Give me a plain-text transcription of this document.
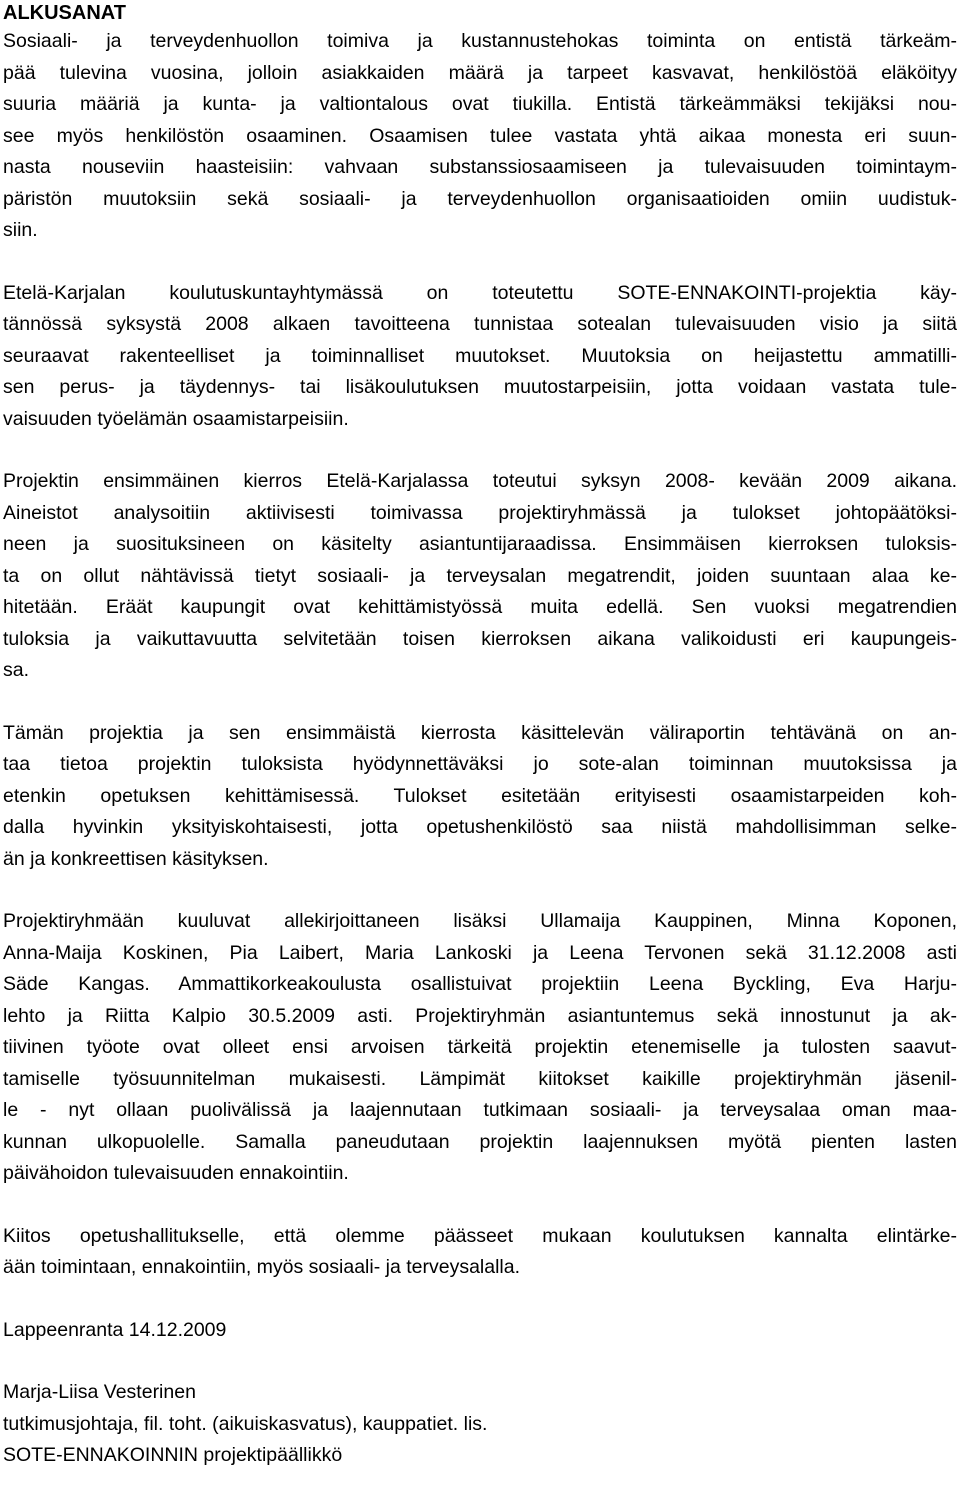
ALKUSANAT

Sosiaali- ja terveydenhuollon toimiva ja kustannustehokas toiminta on entistä tärkeäm-
pää tulevina vuosina, jolloin asiakkaiden määrä ja tarpeet kasvavat, henkilöstöä eläköityy
suuria määriä ja kunta- ja valtiontalous ovat tiukilla. Entistä tärkeämmäksi tekijäksi nou-
see myös henkilöstön osaaminen. Osaamisen tulee vastata yhtä aikaa monesta eri suun-
nasta nouseviin haasteisiin: vahvaan substanssiosaamiseen ja tulevaisuuden toimintaym-
päristön muutoksiin sekä sosiaali- ja terveydenhuollon organisaatioiden omiin uudistuk-
siin.

Etelä-Karjalan koulutuskuntayhtymässä on toteutettu SOTE-ENNAKOINTI-projektia käy-
tännössä syksystä 2008 alkaen tavoitteena tunnistaa sotealan tulevaisuuden visio ja siitä
seuraavat rakenteelliset ja toiminnalliset muutokset. Muutoksia on heijastettu ammatilli-
sen perus- ja täydennys- tai lisäkoulutuksen muutostarpeisiin, jotta voidaan vastata tule-
vaisuuden työelämän osaamistarpeisiin.

Projektin ensimmäinen kierros Etelä-Karjalassa toteutui syksyn 2008- kevään 2009 aikana.
Aineistot analysoitiin aktiivisesti toimivassa projektiryhmässä ja tulokset johtopäätöksi-
neen ja suosituksineen on käsitelty asiantuntijaraadissa. Ensimmäisen kierroksen tuloksis-
ta on ollut nähtävissä tietyt sosiaali- ja terveysalan megatrendit, joiden suuntaan alaa ke-
hitetään. Eräät kaupungit ovat kehittämistyössä muita edellä. Sen vuoksi megatrendien
tuloksia ja vaikuttavuutta selvitetään toisen kierroksen aikana valikoidusti eri kaupungeis-
sa.

Tämän projektia ja sen ensimmäistä kierrosta käsittelevän väliraportin tehtävänä on an-
taa tietoa projektin tuloksista hyödynnettäväksi jo sote-alan toiminnan muutoksissa ja
etenkin opetuksen kehittämisessä. Tulokset esitetään erityisesti osaamistarpeiden koh-
dalla hyvinkin yksityiskohtaisesti, jotta opetushenkilöstö saa niistä mahdollisimman selke-
än ja konkreettisen käsityksen.

Projektiryhmään kuuluvat allekirjoittaneen lisäksi Ullamaija Kauppinen, Minna Koponen,
Anna-Maija Koskinen, Pia Laibert, Maria Lankoski ja Leena Tervonen sekä 31.12.2008 asti
Säde Kangas. Ammattikorkeakoulusta osallistuivat projektiin Leena Byckling, Eva Harju-
lehto ja Riitta Kalpio 30.5.2009 asti. Projektiryhmän asiantuntemus sekä innostunut ja ak-
tiivinen työote ovat olleet ensi arvoisen tärkeitä projektin etenemiselle ja tulosten saavut-
tamiselle työsuunnitelman mukaisesti. Lämpimät kiitokset kaikille projektiryhmän jäsenil-
le - nyt ollaan puolivälissä ja laajennutaan tutkimaan sosiaali- ja terveysalaa oman maa-
kunnan ulkopuolelle. Samalla paneudutaan projektin laajennuksen myötä pienten lasten
päivähoidon tulevaisuuden ennakointiin.

Kiitos opetushallitukselle, että olemme päässeet mukaan koulutuksen kannalta elintärke-
ään toimintaan, ennakointiin, myös sosiaali- ja terveysalalla.

Lappeenranta 14.12.2009

Marja-Liisa Vesterinen

tutkimusjohtaja, fil. toht. (aikuiskasvatus), kauppatiet. lis.

SOTE-ENNAKOINNIN projektipäällikkö
